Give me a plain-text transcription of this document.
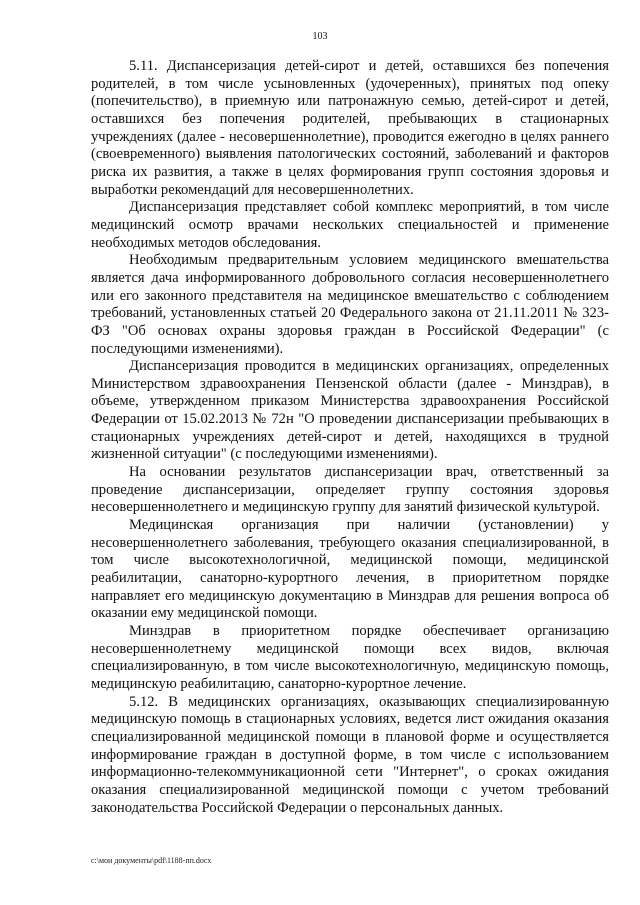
103

5.11. Диспансеризация детей-сирот и детей, оставшихся без попечения родителей, в том числе усыновленных (удочеренных), принятых под опеку (попечительство), в приемную или патронажную семью, детей-сирот и детей, оставшихся без попечения родителей, пребывающих в стационарных учреждениях (далее - несовершеннолетние), проводится ежегодно в целях раннего (своевременного) выявления патологических состояний, заболеваний и факторов риска их развития, а также в целях формирования групп состояния здоровья и выработки рекомендаций для несовершеннолетних.

Диспансеризация представляет собой комплекс мероприятий, в том числе медицинский осмотр врачами нескольких специальностей и применение необходимых методов обследования.

Необходимым предварительным условием медицинского вмешательства является дача информированного добровольного согласия несовершеннолетнего или его законного представителя на медицинское вмешательство с соблюдением требований, установленных статьей 20 Федерального закона от 21.11.2011 № 323-ФЗ "Об основах охраны здоровья граждан в Российской Федерации" (с последующими изменениями).

Диспансеризация проводится в медицинских организациях, определенных Министерством здравоохранения Пензенской области (далее - Минздрав), в объеме, утвержденном приказом Министерства здравоохранения Российской Федерации от 15.02.2013 № 72н "О проведении диспансеризации пребывающих в стационарных учреждениях детей-сирот и детей, находящихся в трудной жизненной ситуации" (с последующими изменениями).

На основании результатов диспансеризации врач, ответственный за проведение диспансеризации, определяет группу состояния здоровья несовершеннолетнего и медицинскую группу для занятий физической культурой.

Медицинская организация при наличии (установлении) у несовершеннолетнего заболевания, требующего оказания специализированной, в том числе высокотехнологичной, медицинской помощи, медицинской реабилитации, санаторно-курортного лечения, в приоритетном порядке направляет его медицинскую документацию в Минздрав для решения вопроса об оказании ему медицинской помощи.

Минздрав в приоритетном порядке обеспечивает организацию несовершеннолетнему медицинской помощи всех видов, включая специализированную, в том числе высокотехнологичную, медицинскую помощь, медицинскую реабилитацию, санаторно-курортное лечение.

5.12. В медицинских организациях, оказывающих специализированную медицинскую помощь в стационарных условиях, ведется лист ожидания оказания специализированной медицинской помощи в плановой форме и осуществляется информирование граждан в доступной форме, в том числе с использованием информационно-телекоммуникационной сети "Интернет", о сроках ожидания оказания специализированной медицинской помощи с учетом требований законодательства Российской Федерации о персональных данных.

c:\мои документы\pdf\1188-пп.docx
